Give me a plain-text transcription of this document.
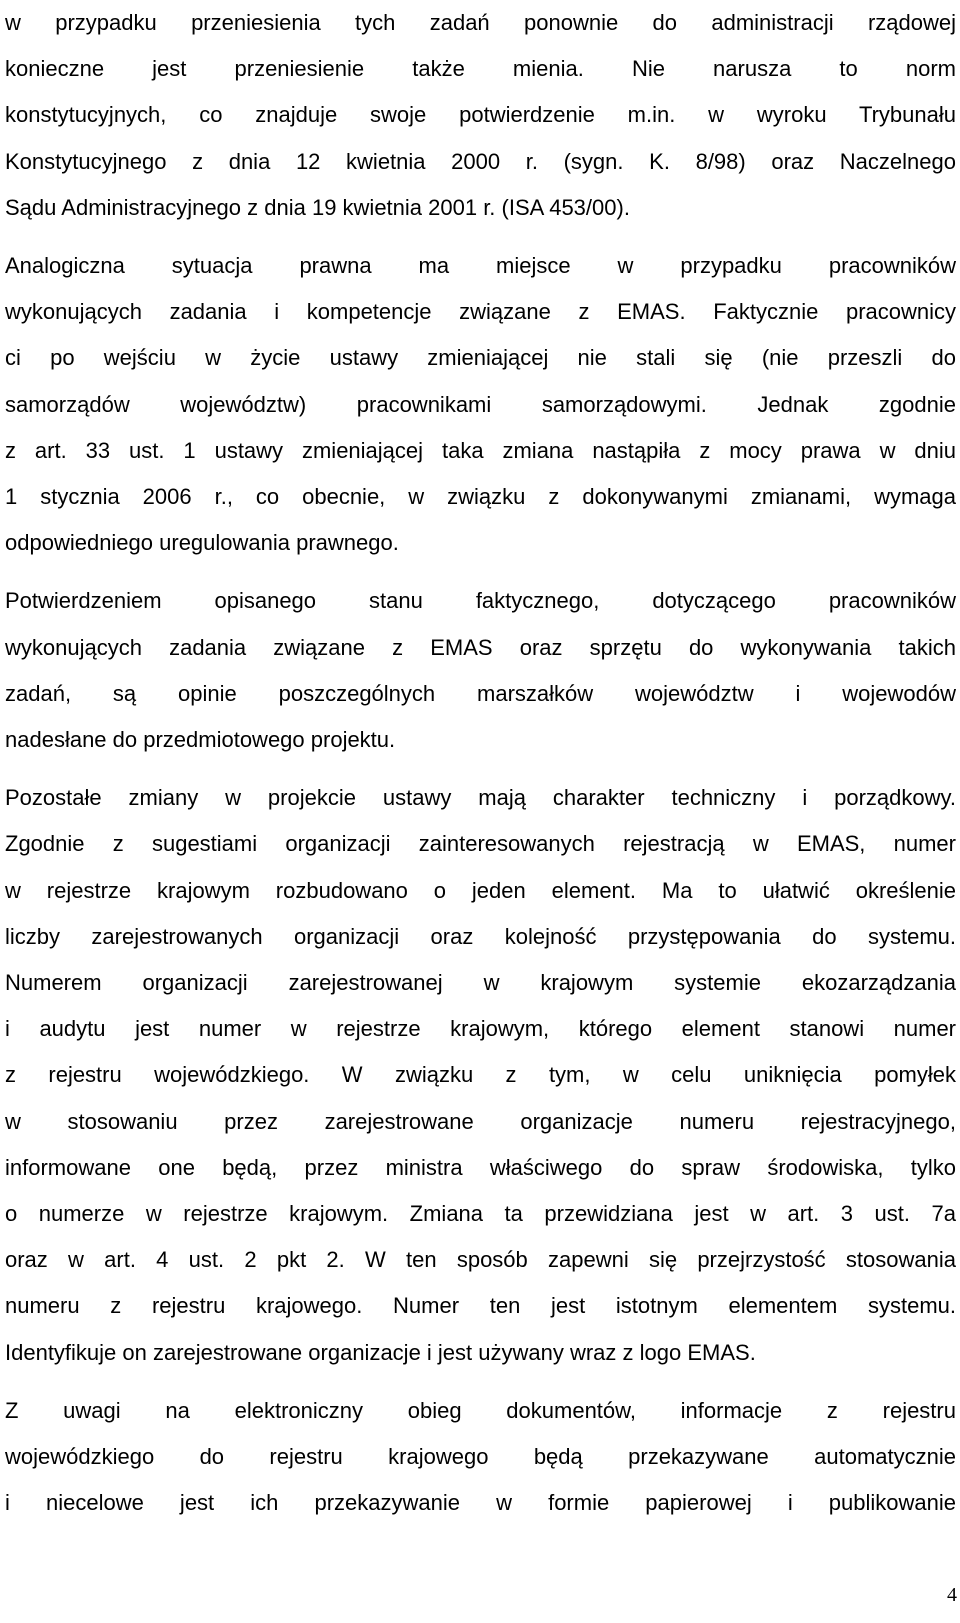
w przypadku przeniesienia tych zadań ponownie do administracji rządowej
konieczne jest przeniesienie także mienia. Nie narusza to norm
konstytucyjnych, co znajduje swoje potwierdzenie m.in. w wyroku Trybunału
Konstytucyjnego z dnia 12 kwietnia 2000 r. (sygn. K. 8/98) oraz Naczelnego
Sądu Administracyjnego z dnia 19 kwietnia 2001 r. (ISA 453/00).

Analogiczna sytuacja prawna ma miejsce w przypadku pracowników
wykonujących zadania i kompetencje związane z EMAS. Faktycznie pracownicy
ci po wejściu w życie ustawy zmieniającej nie stali się (nie przeszli do
samorządów województw) pracownikami samorządowymi. Jednak zgodnie
z art. 33 ust. 1 ustawy zmieniającej taka zmiana nastąpiła z mocy prawa w dniu
1 stycznia 2006 r., co obecnie, w związku z dokonywanymi zmianami, wymaga
odpowiedniego uregulowania prawnego.

Potwierdzeniem opisanego stanu faktycznego, dotyczącego pracowników
wykonujących zadania związane z EMAS oraz sprzętu do wykonywania takich
zadań, są opinie poszczególnych marszałków województw i wojewodów
nadesłane do przedmiotowego projektu.

Pozostałe zmiany w projekcie ustawy mają charakter techniczny i porządkowy.
Zgodnie z sugestiami organizacji zainteresowanych rejestracją w EMAS, numer
w rejestrze krajowym rozbudowano o jeden element. Ma to ułatwić określenie
liczby zarejestrowanych organizacji oraz kolejność przystępowania do systemu.
Numerem organizacji zarejestrowanej w krajowym systemie ekozarządzania
i audytu jest numer w rejestrze krajowym, którego element stanowi numer
z rejestru wojewódzkiego. W związku z tym, w celu uniknięcia pomyłek
w stosowaniu przez zarejestrowane organizacje numeru rejestracyjnego,
informowane one będą, przez ministra właściwego do spraw środowiska, tylko
o numerze w rejestrze krajowym. Zmiana ta przewidziana jest w art. 3 ust. 7a
oraz w art. 4 ust. 2 pkt 2. W ten sposób zapewni się przejrzystość stosowania
numeru z rejestru krajowego. Numer ten jest istotnym elementem systemu.
Identyfikuje on zarejestrowane organizacje i jest używany wraz z logo EMAS.

Z uwagi na elektroniczny obieg dokumentów, informacje z rejestru
wojewódzkiego do rejestru krajowego będą przekazywane automatycznie
i niecelowe jest ich przekazywanie w formie papierowej i publikowanie

4
